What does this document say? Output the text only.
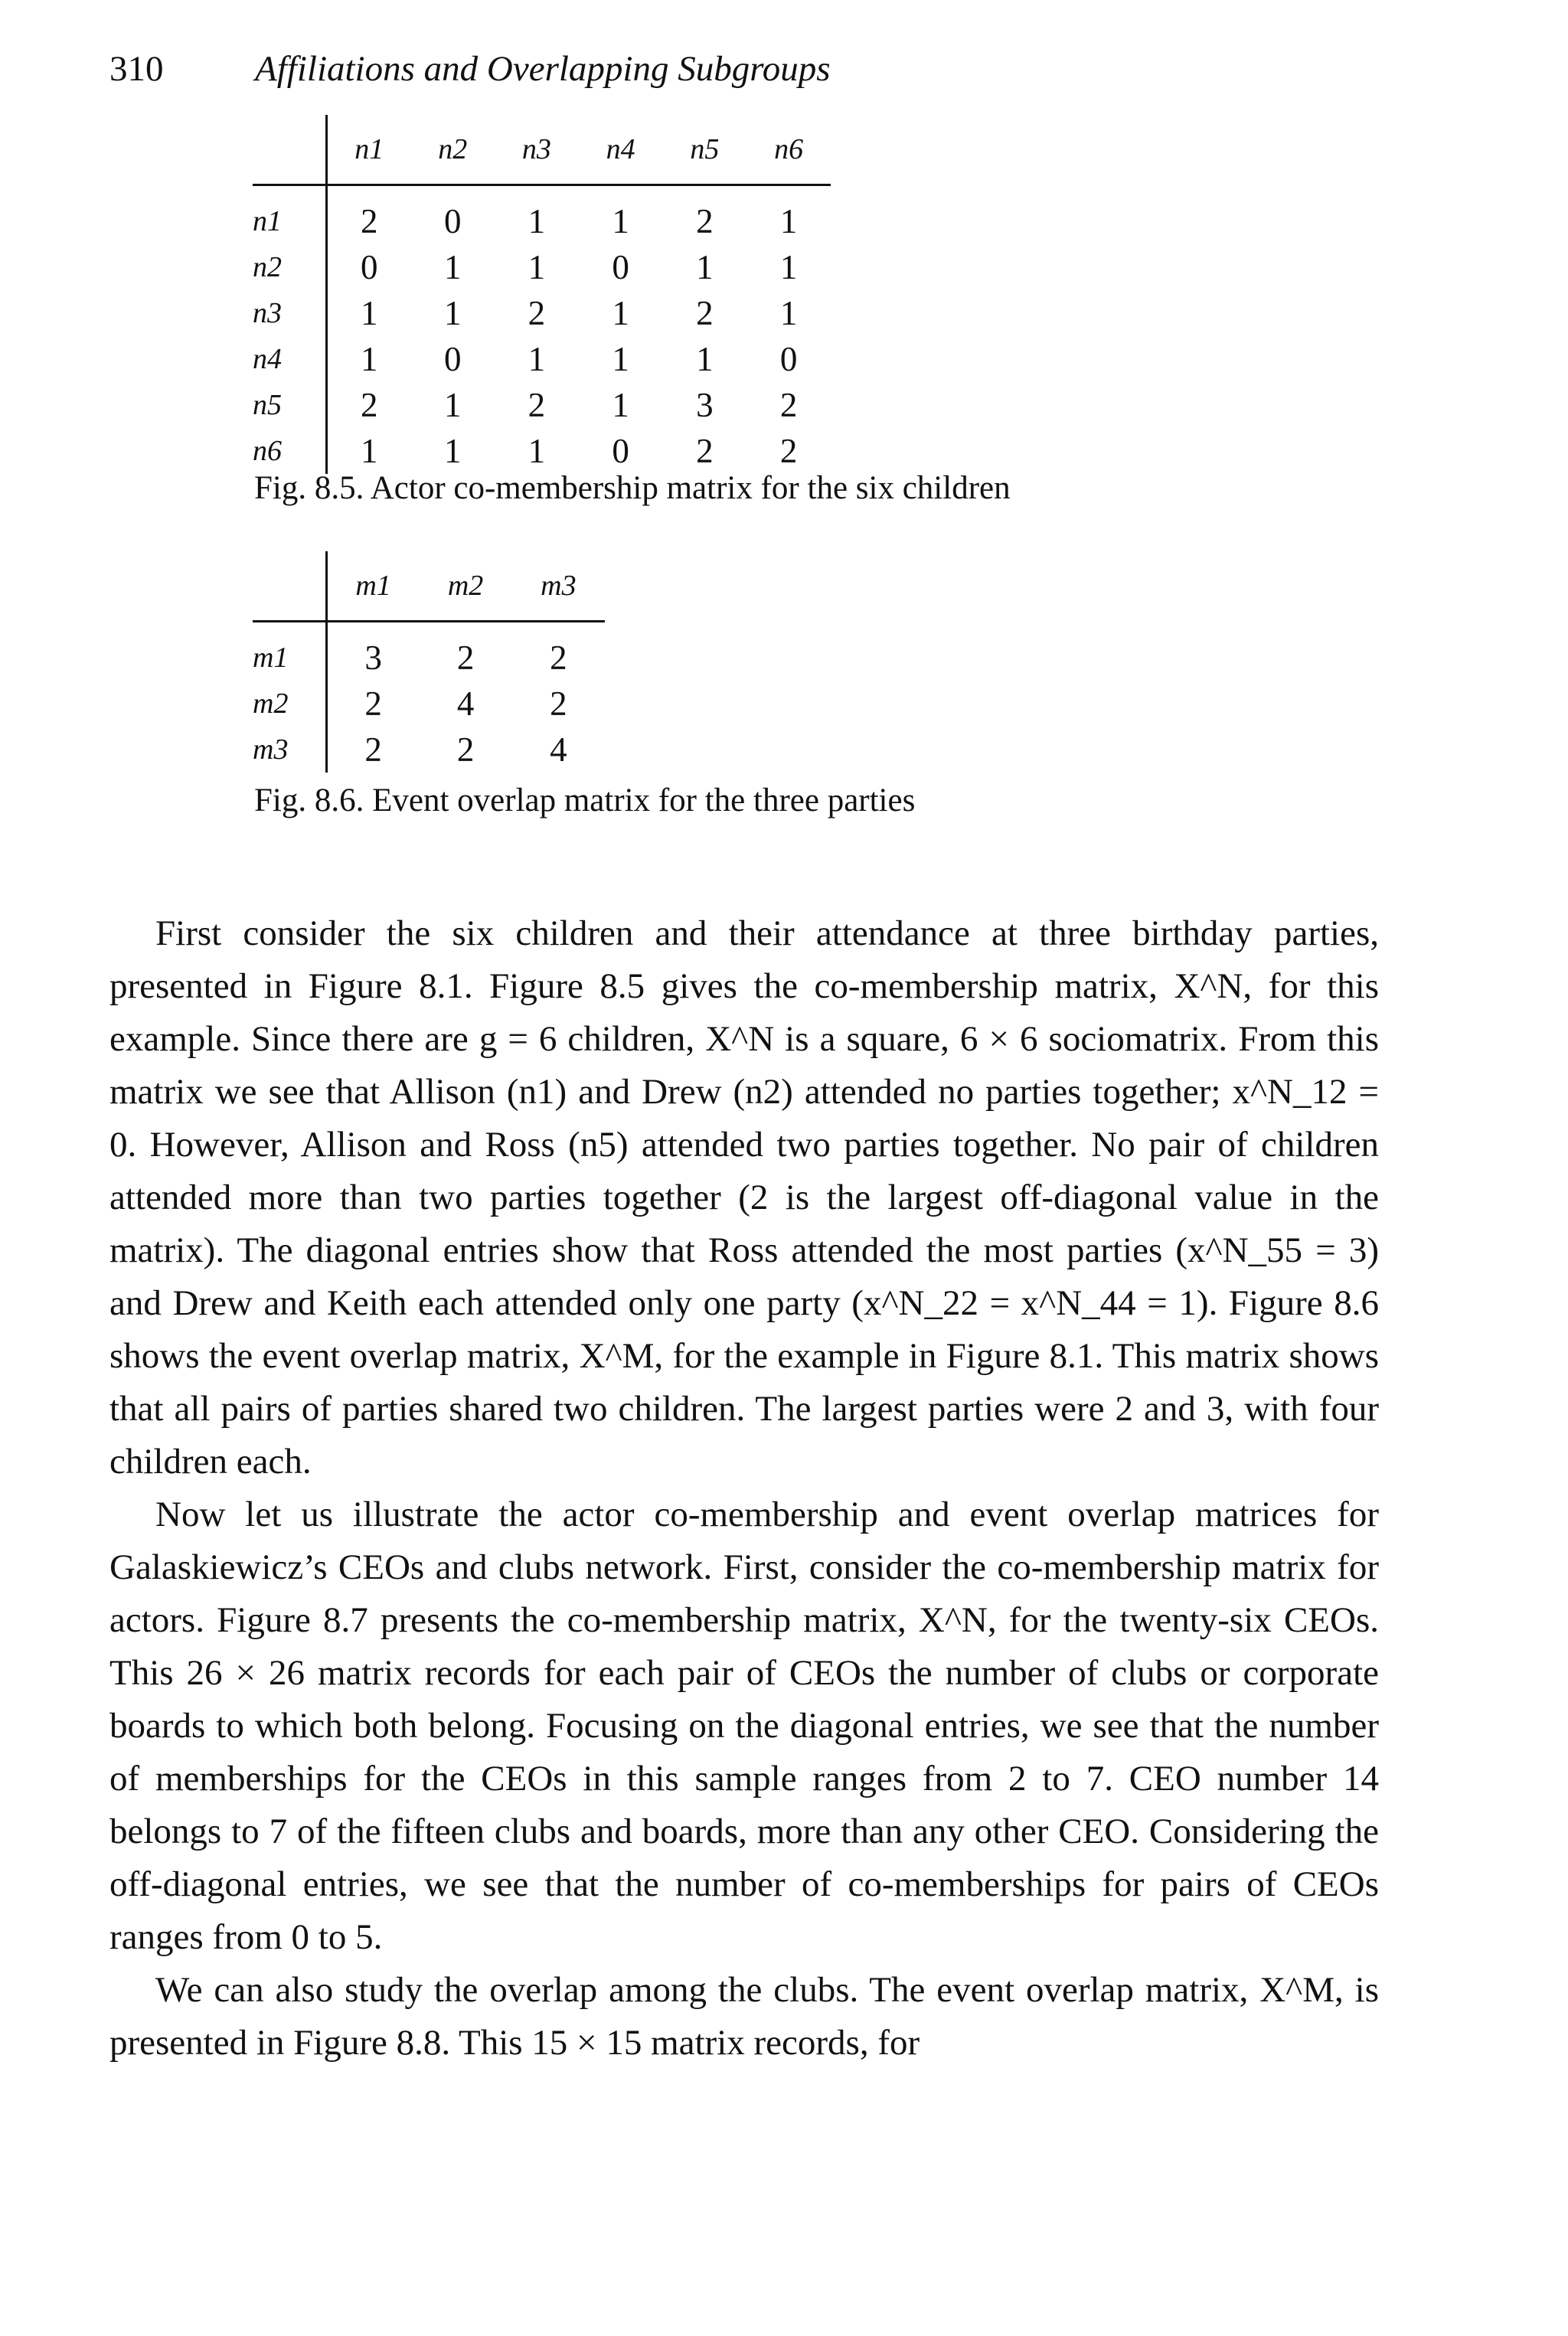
310	Affiliations and Overlapping Subgroups
	n1	n2	n3	n4	n5	n6
n1	2	0	1	1	2	1
n2	0	1	1	0	1	1
n3	1	1	2	1	2	1
n4	1	0	1	1	1	0
n5	2	1	2	1	3	2
n6	1	1	1	0	2	2
Fig. 8.5. Actor co-membership matrix for the six children
	m1	m2	m3
m1	3	2	2
m2	2	4	2
m3	2	2	4
Fig. 8.6. Event overlap matrix for the three parties

First consider the six children and their attendance at three birthday parties, presented in Figure 8.1. Figure 8.5 gives the co-membership matrix, X^N, for this example. Since there are g = 6 children, X^N is a square, 6 × 6 sociomatrix. From this matrix we see that Allison (n1) and Drew (n2) attended no parties together; x^N_12 = 0. However, Allison and Ross (n5) attended two parties together. No pair of children attended more than two parties together (2 is the largest off-diagonal value in the matrix). The diagonal entries show that Ross attended the most parties (x^N_55 = 3) and Drew and Keith each attended only one party (x^N_22 = x^N_44 = 1). Figure 8.6 shows the event overlap matrix, X^M, for the example in Figure 8.1. This matrix shows that all pairs of parties shared two children. The largest parties were 2 and 3, with four children each.

Now let us illustrate the actor co-membership and event overlap matrices for Galaskiewicz’s CEOs and clubs network. First, consider the co-membership matrix for actors. Figure 8.7 presents the co-membership matrix, X^N, for the twenty-six CEOs. This 26 × 26 matrix records for each pair of CEOs the number of clubs or corporate boards to which both belong. Focusing on the diagonal entries, we see that the number of memberships for the CEOs in this sample ranges from 2 to 7. CEO number 14 belongs to 7 of the fifteen clubs and boards, more than any other CEO. Considering the off-diagonal entries, we see that the number of co-memberships for pairs of CEOs ranges from 0 to 5.

We can also study the overlap among the clubs. The event overlap matrix, X^M, is presented in Figure 8.8. This 15 × 15 matrix records, for
